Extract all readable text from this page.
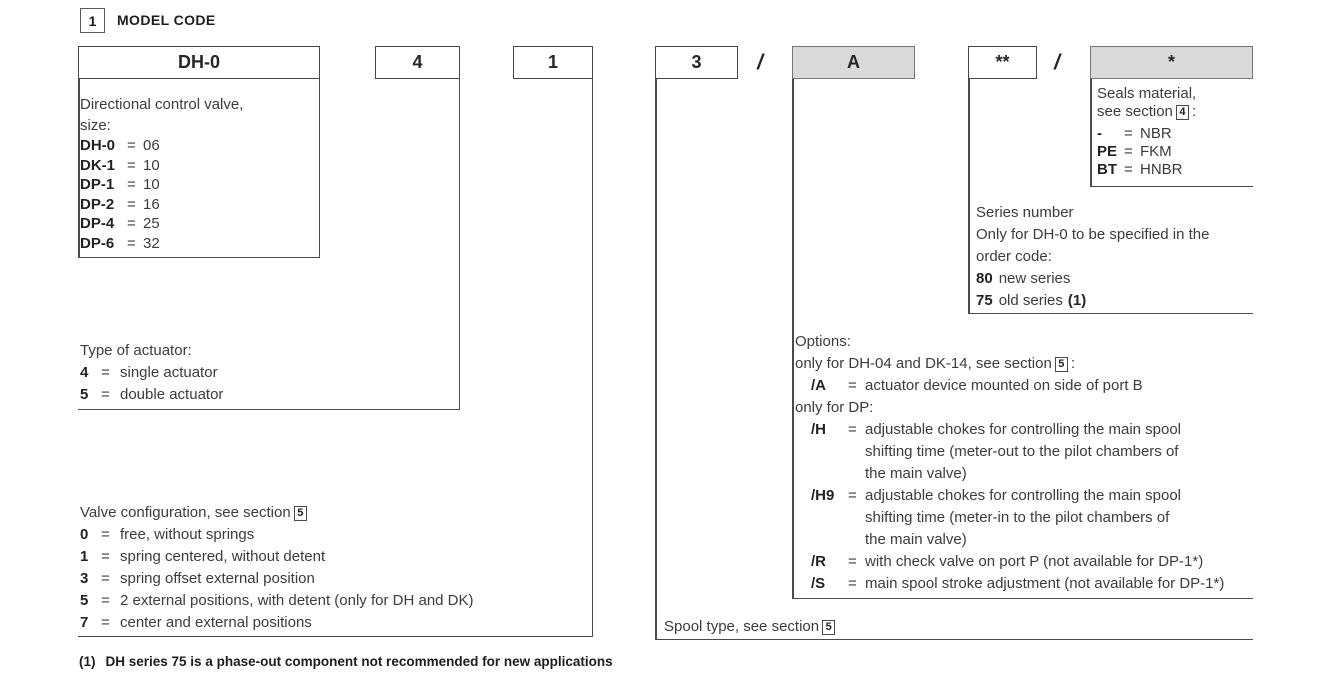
1 MODEL CODE
DH-0	4	1	3	/	A	**	/	*
Directional control valve,
size:
DH-0 = 06
DK-1 = 10
DP-1 = 10
DP-2 = 16
DP-4 = 25
DP-6 = 32
Type of actuator:
4 = single actuator
5 = double actuator
Valve configuration, see section 5
0 = free, without springs
1 = spring centered, without detent
3 = spring offset external position
5 = 2 external positions, with detent (only for DH and DK)
7 = center and external positions	Spool type, see section 5
Options:
only for DH-04 and DK-14, see section 5 :
/A	= actuator device mounted on side of port B
only for DP:
/H	= adjustable chokes for controlling the main spool
shifting time (meter-out to the pilot chambers of
the main valve)
/H9 = adjustable chokes for controlling the main spool
shifting time (meter-in to the pilot chambers of
the main valve)
/R	= with check valve on port P (not available for DP-1*)
/S	= main spool stroke adjustment (not available for DP-1*)
Series number
Only for DH-0 to be specified in the
order code:
80 new series
75 old series (1)
Seals material,
see section 4 :
-	= NBR
PE = FKM
BT = HNBR
(1) DH series 75 is a phase-out component not recommended for new applications
